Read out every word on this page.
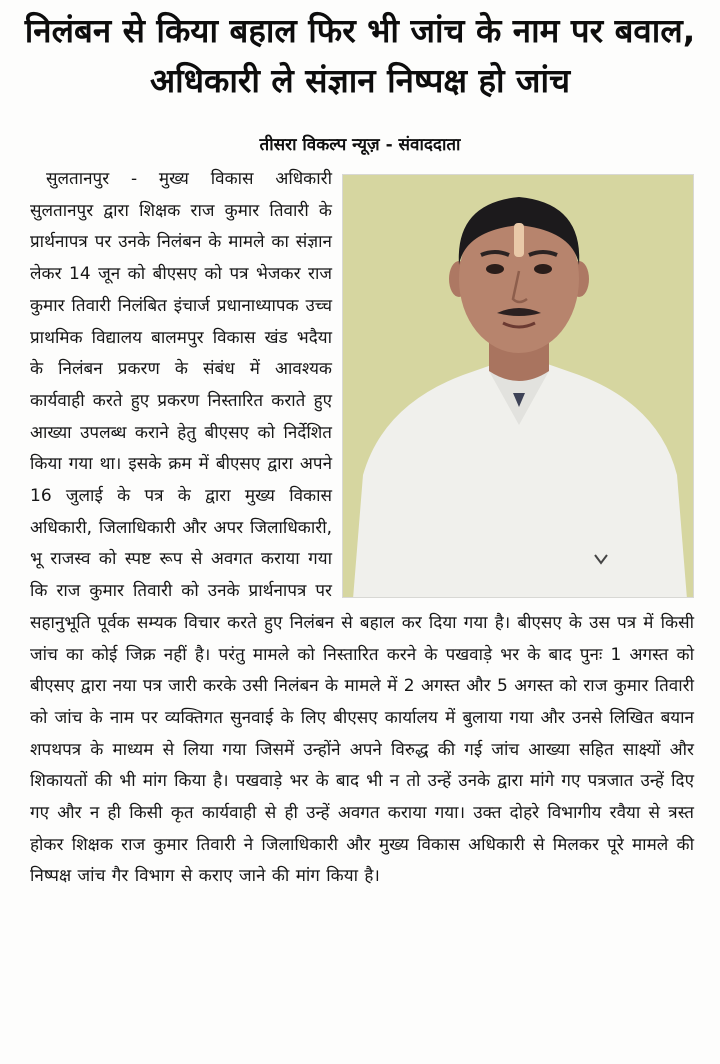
निलंबन से किया बहाल फिर भी जांच के नाम पर बवाल, अधिकारी ले संज्ञान निष्पक्ष हो जांच
तीसरा विकल्प न्यूज़ - संवाददाता

सुलतानपुर - मुख्य विकास अधिकारी सुलतानपुर द्वारा शिक्षक राज कुमार तिवारी के प्रार्थनापत्र पर उनके निलंबन के मामले का संज्ञान लेकर 14 जून को बीएसए को पत्र भेजकर राज कुमार तिवारी निलंबित इंचार्ज प्रधानाध्यापक उच्च प्राथमिक विद्यालय बालमपुर विकास खंड भदैया के निलंबन प्रकरण के संबंध में आवश्यक कार्यवाही करते हुए प्रकरण निस्तारित कराते हुए आख्या उपलब्ध कराने हेतु बीएसए को निर्देशित किया गया था। इसके क्रम में बीएसए द्वारा अपने 16 जुलाई के पत्र के द्वारा मुख्य विकास अधिकारी, जिलाधिकारी और अपर जिलाधिकारी, भू राजस्व को स्पष्ट रूप से अवगत कराया गया कि राज कुमार तिवारी को उनके प्रार्थनापत्र पर सहानुभूति पूर्वक सम्यक विचार करते हुए निलंबन से बहाल कर दिया गया है। बीएसए के उस पत्र में किसी जांच का कोई जिक्र नहीं है। परंतु मामले को निस्तारित करने के पखवाड़े भर के बाद पुनः 1 अगस्त को बीएसए द्वारा नया पत्र जारी करके उसी निलंबन के मामले में 2 अगस्त और 5 अगस्त को राज कुमार तिवारी को जांच के नाम पर व्यक्तिगत सुनवाई के लिए बीएसए कार्यालय में बुलाया गया और उनसे लिखित बयान शपथपत्र के माध्यम से लिया गया जिसमें उन्होंने अपने विरुद्ध की गई जांच आख्या सहित साक्ष्यों और शिकायतों की भी मांग किया है। पखवाड़े भर के बाद भी न तो उन्हें उनके द्वारा मांगे गए पत्रजात उन्हें दिए गए और न ही किसी कृत कार्यवाही से ही उन्हें अवगत कराया गया। उक्त दोहरे विभागीय रवैया से त्रस्त होकर शिक्षक राज कुमार तिवारी ने जिलाधिकारी और मुख्य विकास अधिकारी से मिलकर पूरे मामले की निष्पक्ष जांच गैर विभाग से कराए जाने की मांग किया है।
